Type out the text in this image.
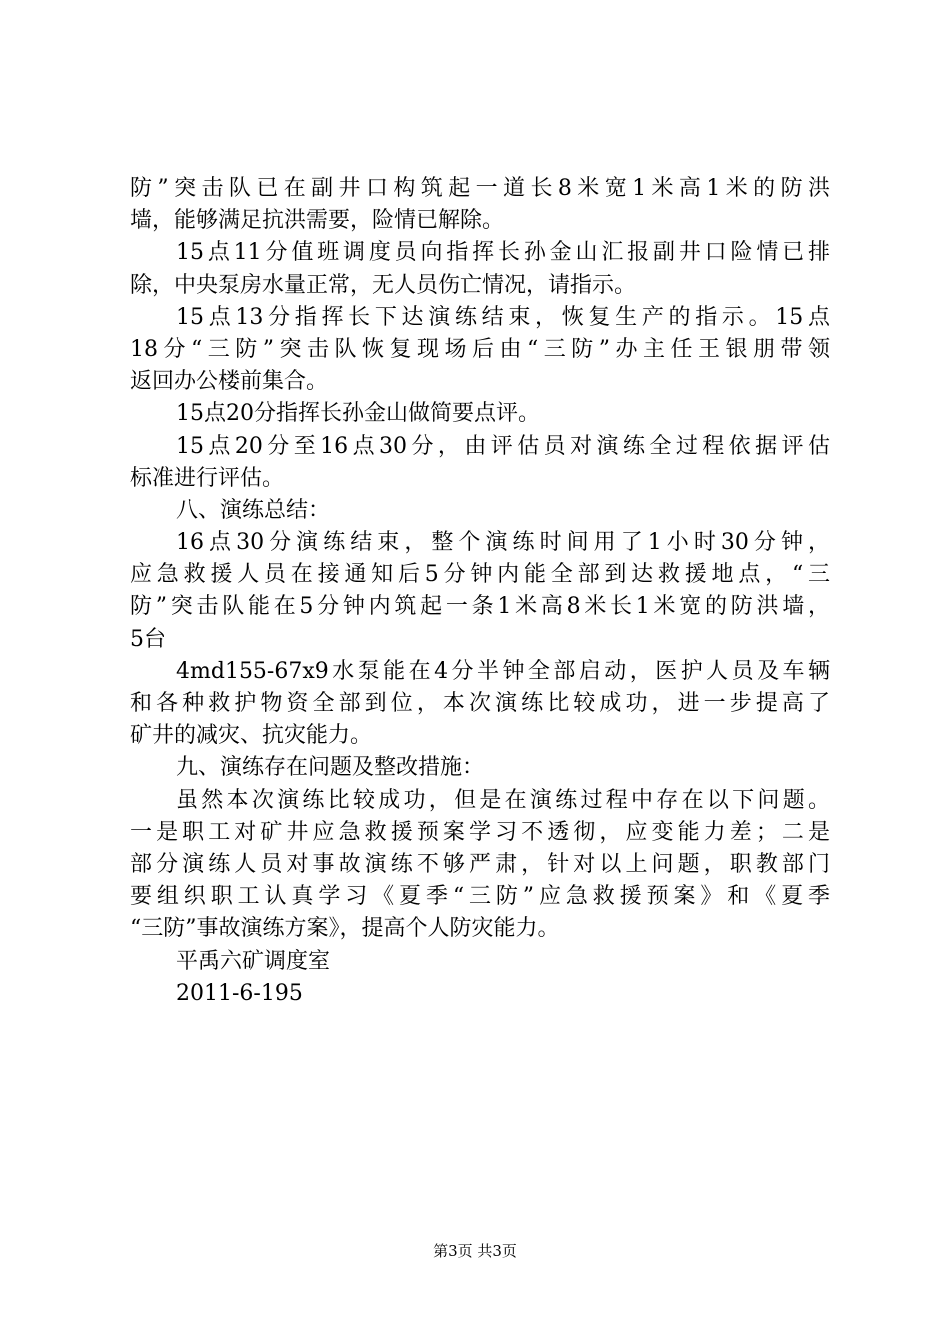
防”突击队已在副井口构筑起一道长8米宽1米高1米的防洪
墙，能够满足抗洪需要，险情已解除。
15点11分值班调度员向指挥长孙金山汇报副井口险情已排
除，中央泵房水量正常，无人员伤亡情况，请指示。
15点13分指挥长下达演练结束，恢复生产的指示。15点
18分“三防”突击队恢复现场后由“三防”办主任王银朋带领
返回办公楼前集合。
15点20分指挥长孙金山做简要点评。
15点20分至16点30分，由评估员对演练全过程依据评估
标准进行评估。
八、演练总结：
16点30分演练结束，整个演练时间用了1小时30分钟，
应急救援人员在接通知后5分钟内能全部到达救援地点，“三
防”突击队能在5分钟内筑起一条1米高8米长1米宽的防洪墙，
5台
4md155-67x9水泵能在4分半钟全部启动，医护人员及车辆
和各种救护物资全部到位，本次演练比较成功，进一步提高了
矿井的减灾、抗灾能力。
九、演练存在问题及整改措施：
虽然本次演练比较成功，但是在演练过程中存在以下问题。
一是职工对矿井应急救援预案学习不透彻，应变能力差；二是
部分演练人员对事故演练不够严肃，针对以上问题，职教部门
要组织职工认真学习《夏季“三防”应急救援预案》和《夏季
“三防”事故演练方案》，提高个人防灾能力。
平禹六矿调度室
2011-6-195
第3页 共3页
